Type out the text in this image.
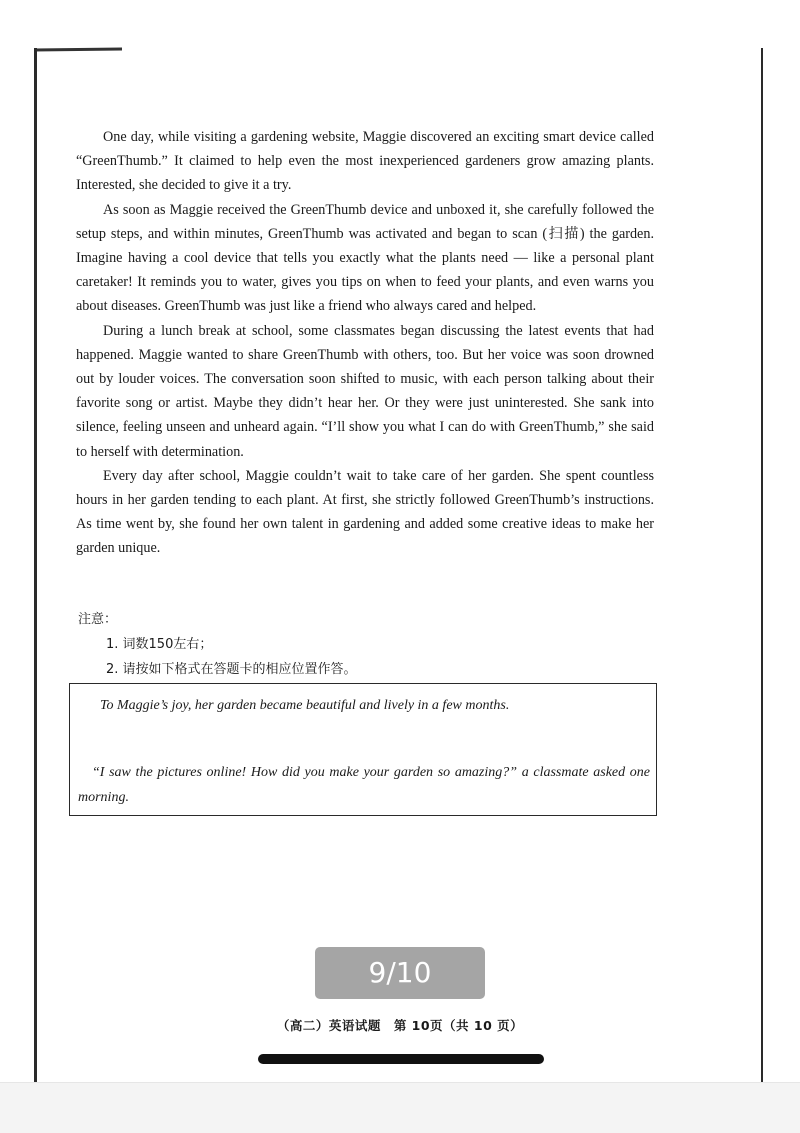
One day, while visiting a gardening website, Maggie discovered an exciting smart device called “GreenThumb.” It claimed to help even the most inexperienced gardeners grow amazing plants. Interested, she decided to give it a try.

As soon as Maggie received the GreenThumb device and unboxed it, she carefully followed the setup steps, and within minutes, GreenThumb was activated and began to scan (扫描) the garden. Imagine having a cool device that tells you exactly what the plants need — like a personal plant caretaker! It reminds you to water, gives you tips on when to feed your plants, and even warns you about diseases. GreenThumb was just like a friend who always cared and helped.

During a lunch break at school, some classmates began discussing the latest events that had happened. Maggie wanted to share GreenThumb with others, too. But her voice was soon drowned out by louder voices. The conversation soon shifted to music, with each person talking about their favorite song or artist. Maybe they didn’t hear her. Or they were just uninterested. She sank into silence, feeling unseen and unheard again. “I’ll show you what I can do with GreenThumb,” she said to herself with determination.

Every day after school, Maggie couldn’t wait to take care of her garden. She spent countless hours in her garden tending to each plant. At first, she strictly followed GreenThumb’s instructions. As time went by, she found her own talent in gardening and added some creative ideas to make her garden unique.

注意：
1. 词数150左右；
2. 请按如下格式在答题卡的相应位置作答。
To Maggie’s joy, her garden became beautiful and lively in a few months.
“I saw the pictures online! How did you make your garden so amazing?” a classmate asked one morning.
9/10
（高二）英语试题　第 10页（共 10 页）
